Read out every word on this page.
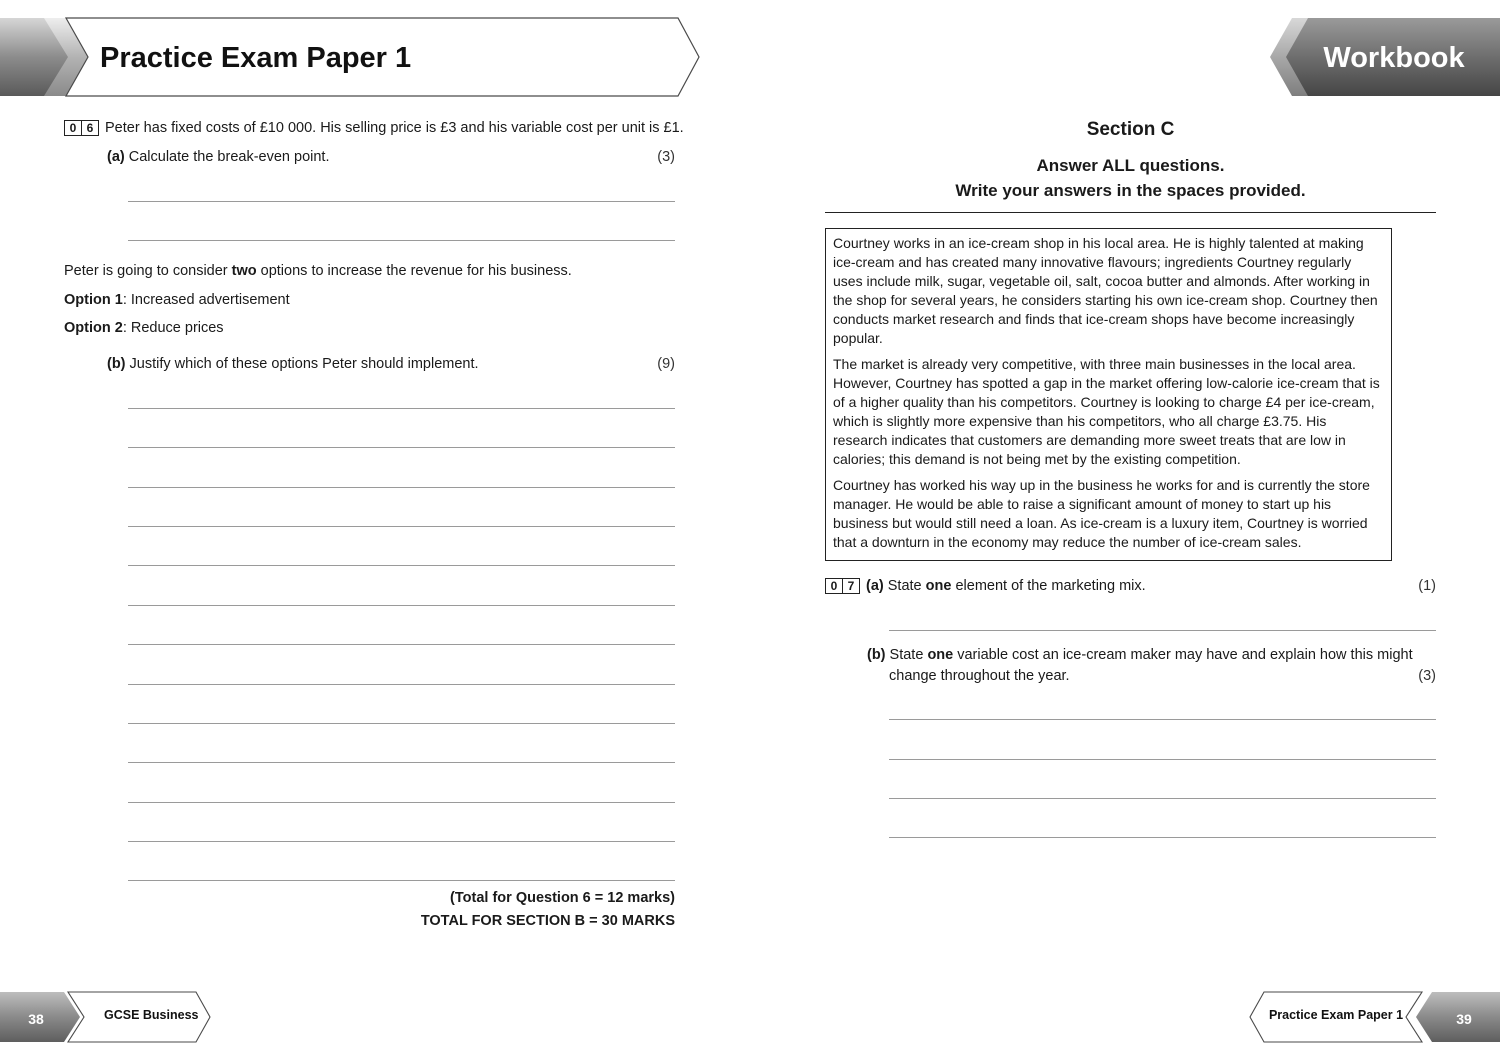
Practice Exam Paper 1	Workbook
0 6 Peter has fixed costs of £10 000. His selling price is £3 and his variable cost per unit is £1.
(a) Calculate the break-even point.	(3)
Peter is going to consider two options to increase the revenue for his business.
Option 1: Increased advertisement
Option 2: Reduce prices
(b) Justify which of these options Peter should implement.	(9)
(Total for Question 6 = 12 marks)
TOTAL FOR SECTION B = 30 MARKS
Section C
Answer ALL questions.
Write your answers in the spaces provided.

Courtney works in an ice-cream shop in his local area. He is highly talented at making ice-cream and has created many innovative flavours; ingredients Courtney regularly uses include milk, sugar, vegetable oil, salt, cocoa butter and almonds. After working in the shop for several years, he considers starting his own ice-cream shop. Courtney then conducts market research and finds that ice-cream shops have become increasingly popular.

The market is already very competitive, with three main businesses in the local area. However, Courtney has spotted a gap in the market offering low-calorie ice-cream that is of a higher quality than his competitors. Courtney is looking to charge £4 per ice-cream, which is slightly more expensive than his competitors, who all charge £3.75. His research indicates that customers are demanding more sweet treats that are low in calories; this demand is not being met by the existing competition.

Courtney has worked his way up in the business he works for and is currently the store manager. He would be able to raise a significant amount of money to start up his business but would still need a loan. As ice-cream is a luxury item, Courtney is worried that a downturn in the economy may reduce the number of ice-cream sales.

0 7 (a) State one element of the marketing mix.	(1)
(b) State one variable cost an ice-cream maker may have and explain how this might
change throughout the year.	(3)
38	GCSE Business	Practice Exam Paper 1	39
